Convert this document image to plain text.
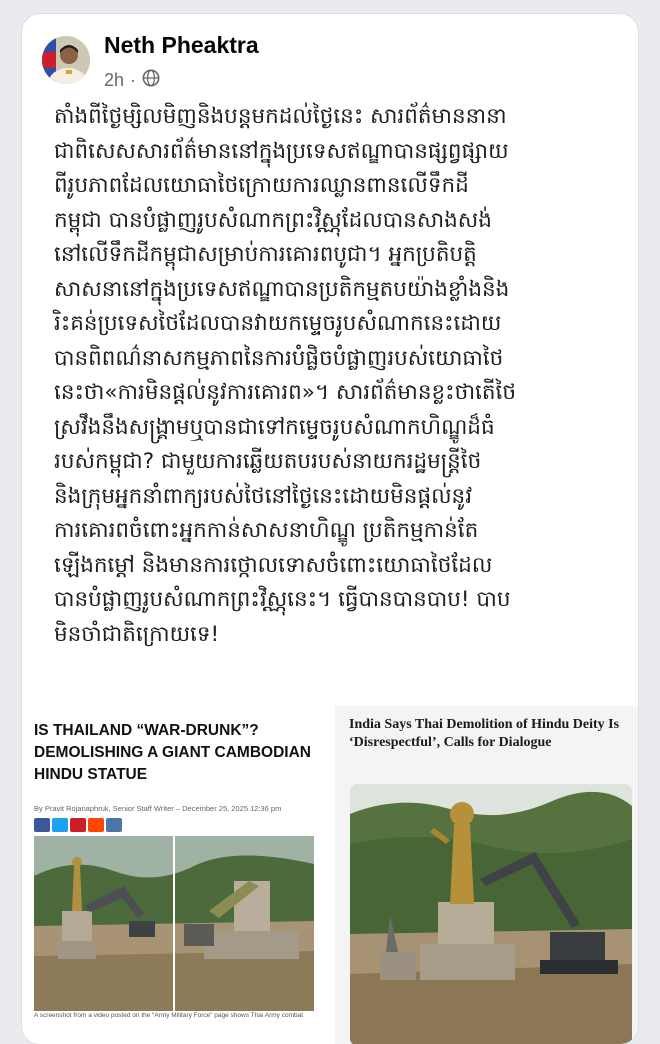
Neth Pheaktra
2h ·
តាំងពីថ្ងៃម្សិលមិញនិងបន្តមកដល់ថ្ងៃនេះ សារព័ត៌មាននានា
ជាពិសេសសារព័ត៌មាននៅក្នុងប្រទេសឥណ្ឌាបានផ្សព្វផ្សាយ
ពីរូបភាពដែលយោធាថៃក្រោយការឈ្លានពានលើទឹកដី
កម្ពុជា បានបំផ្លាញរូបសំណាកព្រះវិស្ណុដែលបានសាងសង់
នៅលើទឹកដីកម្ពុជាសម្រាប់ការគោរពបូជា។ អ្នកប្រតិបត្តិ
សាសនានៅក្នុងប្រទេសឥណ្ឌាបានប្រតិកម្មតបយ៉ាងខ្លាំងនិង
រិះគន់ប្រទេសថៃដែលបានវាយកម្ទេចរូបសំណាកនេះដោយ
បានពិពណ៌នាសកម្មភាពនៃការបំផ្លិចបំផ្លាញរបស់យោធាថៃ
នេះថា«ការមិនផ្តល់នូវការគោរព»។ សារព័ត៌មានខ្លះថាតើថៃ
ស្រវឹងនឹងសង្គ្រាមឬបានជាទៅកម្ទេចរូបសំណាកហិណ្ឌូដ៏ធំ
របស់កម្ពុជា? ជាមួយការឆ្លើយតបរបស់នាយករដ្ឋមន្ត្រីថៃ
និងក្រុមអ្នកនាំពាក្យរបស់ថៃនៅថ្ងៃនេះដោយមិនផ្តល់នូវ
ការគោរពចំពោះអ្នកកាន់សាសនាហិណ្ឌូ ប្រតិកម្មកាន់តែ
ឡើងកម្តៅ និងមានការថ្កោលទោសចំពោះយោធាថៃដែល
បានបំផ្លាញរូបសំណាកព្រះវិស្ណុនេះ។ ធ្វើបានបានបាប! បាប
មិនចាំជាតិក្រោយទេ!
IS THAILAND “WAR-DRUNK”? DEMOLISHING A GIANT CAMBODIAN HINDU STATUE
By Pravit Rojanaphruk, Senior Staff Writer – December 25, 2025 12:36 pm
A screenshot from a video posted on the “Army Military Force” page shows Thai Army combat
India Says Thai Demolition of Hindu Deity Is ‘Disrespectful’, Calls for Dialogue
